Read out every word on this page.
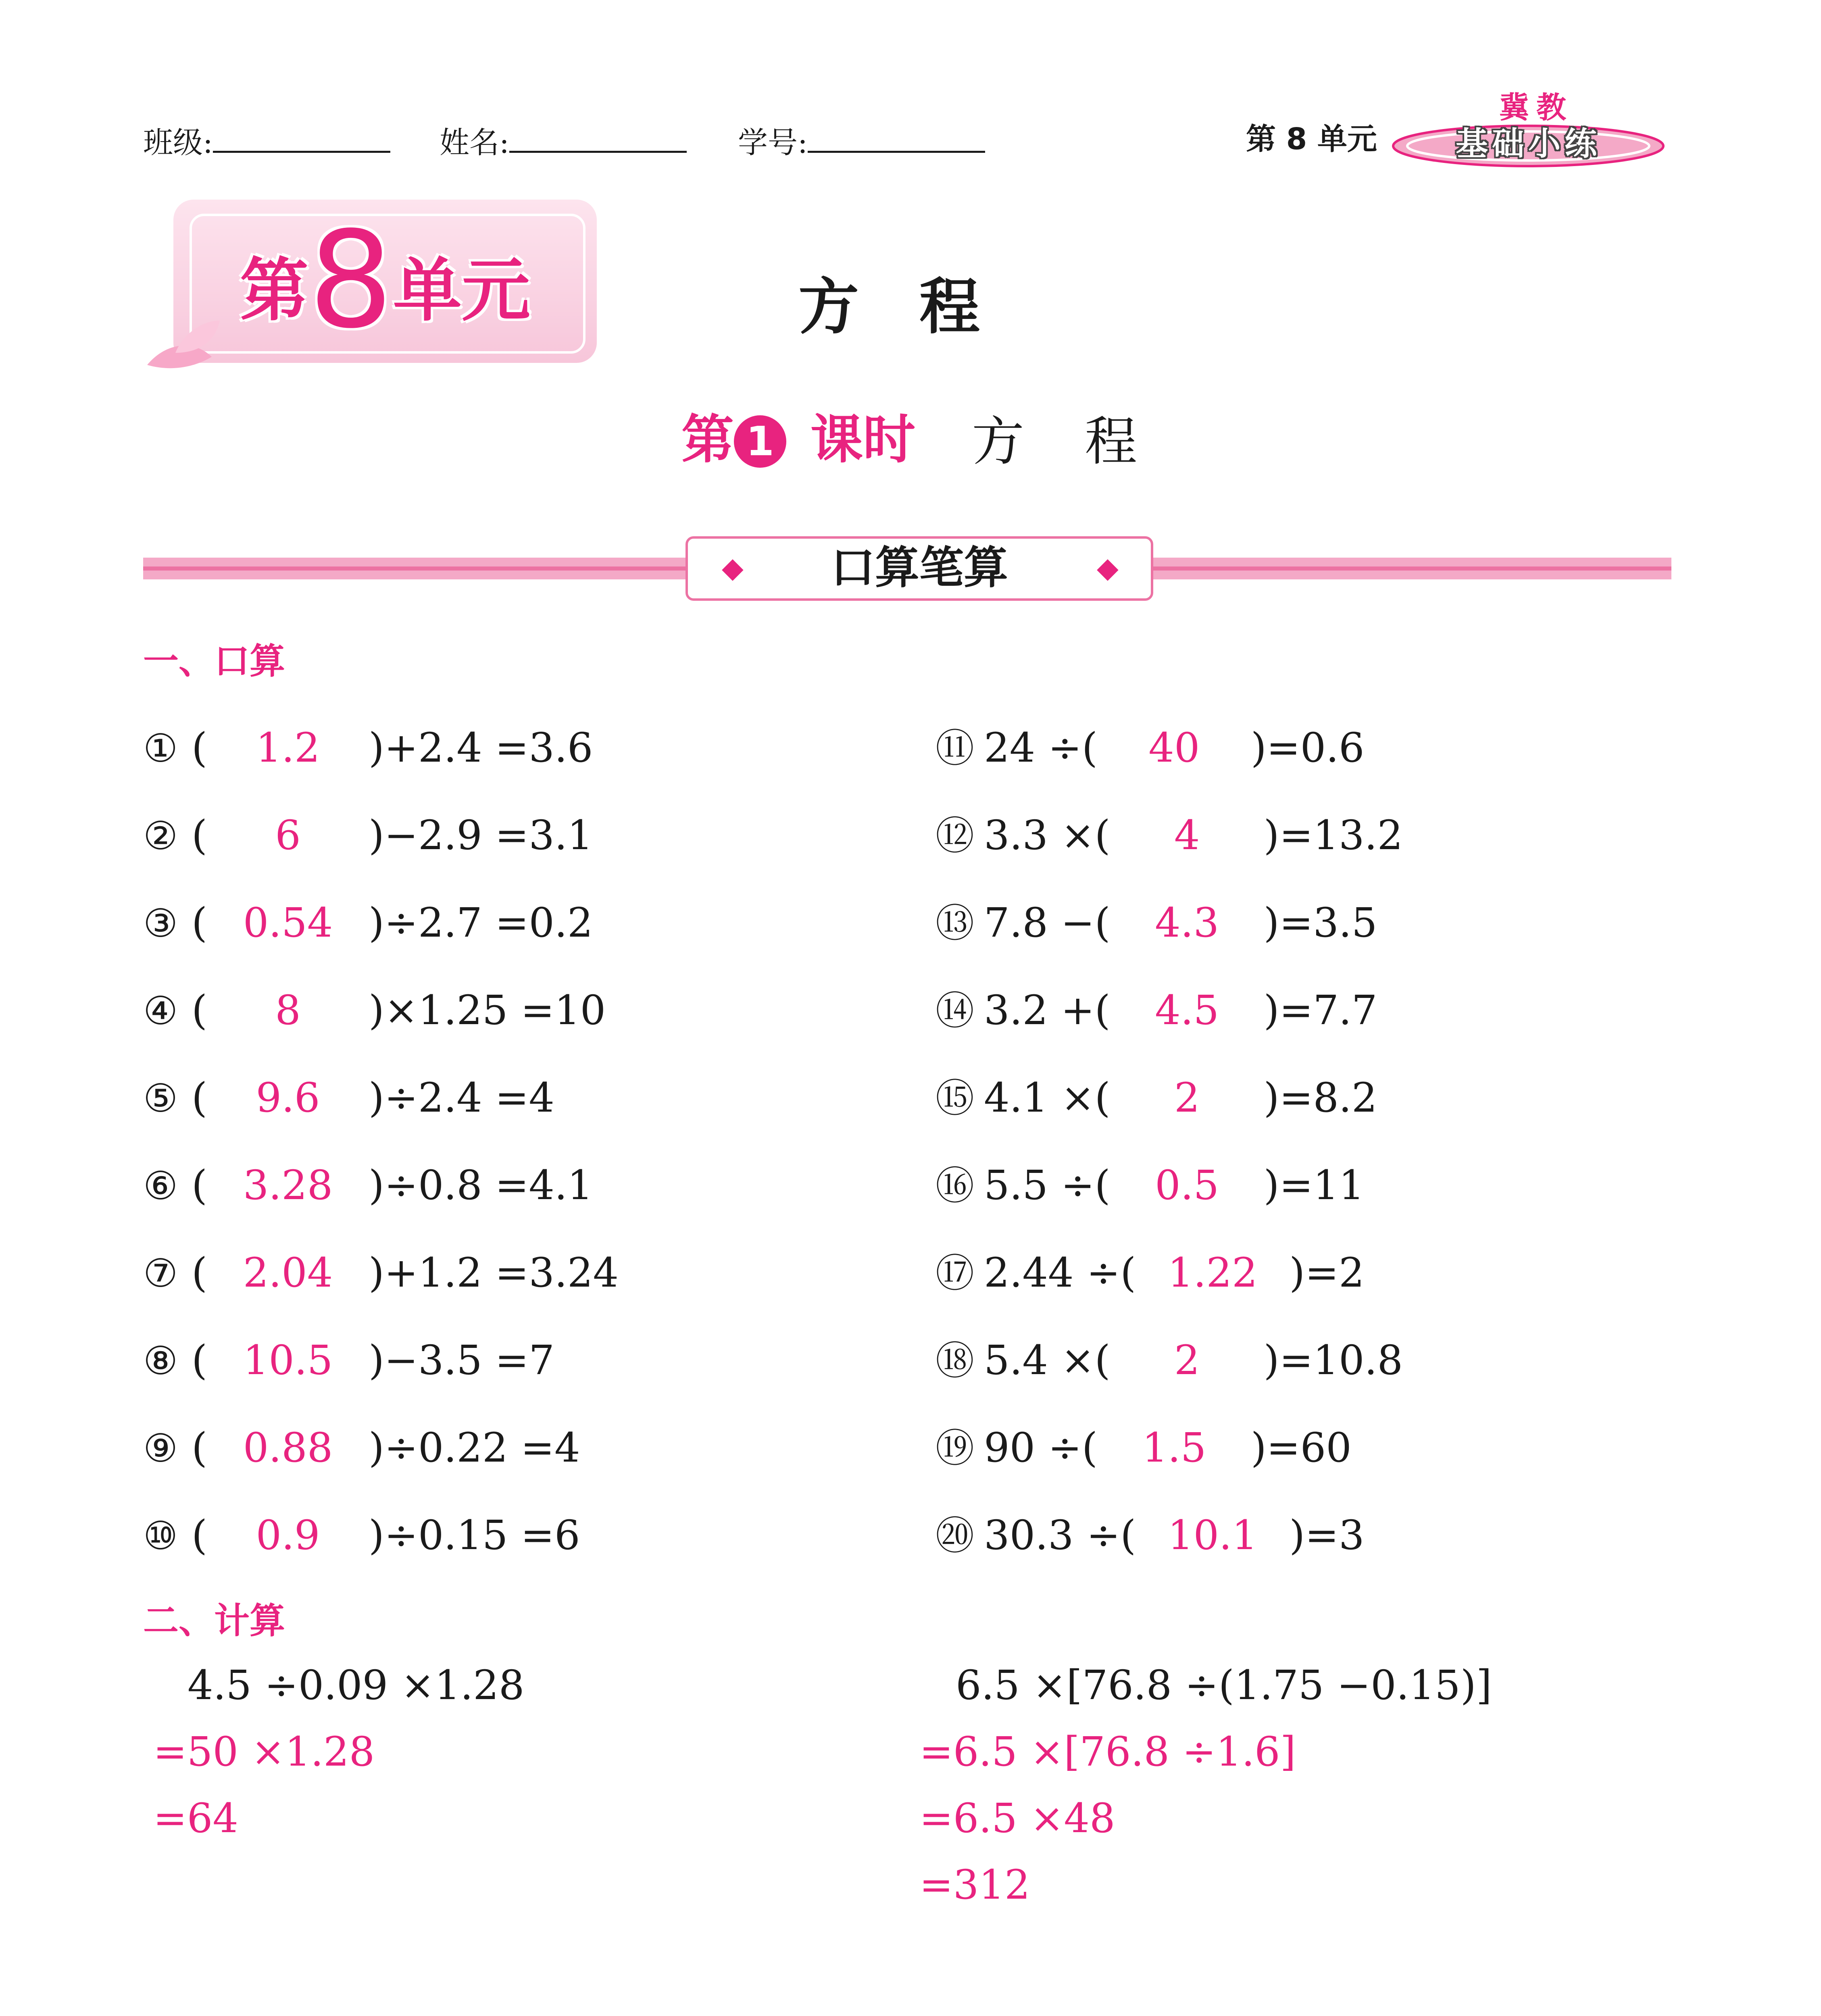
班级:	姓名:	学号:	第 8 单元
冀教
基础小练
第8单元	方程
第 1 课时 方程
◆	◆
口算笔算
一、口算
① ( 1.2 )+2.4 =3.6
② ( 6 )−2.9 =3.1
③ ( 0.54 )÷2.7 =0.2
④ ( 8 )×1.25 =10
⑤ ( 9.6 )÷2.4 =4
⑥ ( 3.28 )÷0.8 =4.1
⑦ ( 2.04 )+1.2 =3.24
⑧ ( 10.5 )−3.5 =7
⑨ ( 0.88 )÷0.22 =4
⑩ ( 0.9 )÷0.15 =6
⑪ 24 ÷( 40 )=0.6
⑫ 3.3 ×( 4 )=13.2
⑬ 7.8 −( 4.3 )=3.5
⑭ 3.2 +( 4.5 )=7.7
⑮ 4.1 ×( 2 )=8.2
⑯ 5.5 ÷( 0.5 )=11
⑰ 2.44 ÷( 1.22 )=2
⑱ 5.4 ×( 2 )=10.8
⑲ 90 ÷( 1.5 )=60
⑳ 30.3 ÷( 10.1 )=3
二、计算
4.5 ÷0.09 ×1.28
=50 ×1.28
=64
6.5 ×[76.8 ÷(1.75 −0.15)]
=6.5 ×[76.8 ÷1.6]
=6.5 ×48
=312
